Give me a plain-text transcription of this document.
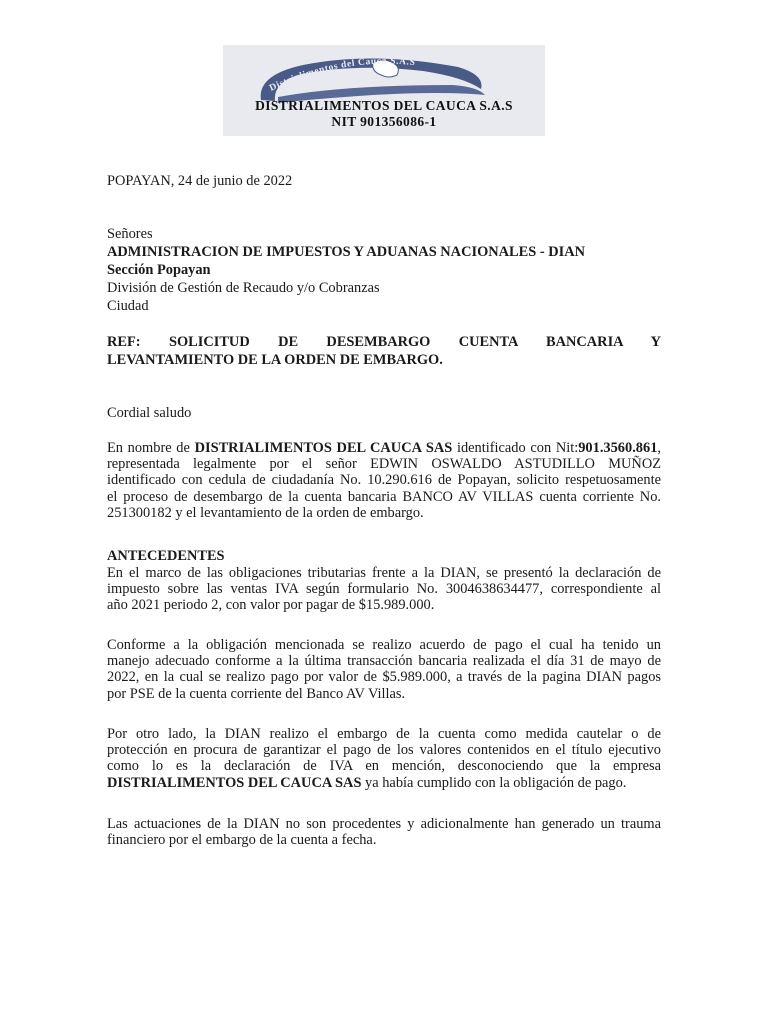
Distrialimentos del Cauca S.A.S
DISTRIALIMENTOS DEL CAUCA S.A.S
NIT 901356086-1
POPAYAN, 24 de junio de 2022
Señores
ADMINISTRACION DE IMPUESTOS Y ADUANAS NACIONALES - DIAN
Sección Popayan
División de Gestión de Recaudo y/o Cobranzas
Ciudad
REF: SOLICITUD DE DESEMBARGO CUENTA BANCARIA Y
LEVANTAMIENTO DE LA ORDEN DE EMBARGO.
Cordial saludo
En nombre de DISTRIALIMENTOS DEL CAUCA SAS identificado con Nit:901.3560.861,
representada legalmente por el señor EDWIN OSWALDO ASTUDILLO MUÑOZ
identificado con cedula de ciudadanía No. 10.290.616 de Popayan, solicito respetuosamente
el proceso de desembargo de la cuenta bancaria BANCO AV VILLAS cuenta corriente No.
251300182 y el levantamiento de la orden de embargo.
ANTECEDENTES
En el marco de las obligaciones tributarias frente a la DIAN, se presentó la declaración de
impuesto sobre las ventas IVA según formulario No. 3004638634477, correspondiente al
año 2021 periodo 2, con valor por pagar de $15.989.000.
Conforme a la obligación mencionada se realizo acuerdo de pago el cual ha tenido un
manejo adecuado conforme a la última transacción bancaria realizada el día 31 de mayo de
2022, en la cual se realizo pago por valor de $5.989.000, a través de la pagina DIAN pagos
por PSE de la cuenta corriente del Banco AV Villas.
Por otro lado, la DIAN realizo el embargo de la cuenta como medida cautelar o de
protección en procura de garantizar el pago de los valores contenidos en el título ejecutivo
como lo es la declaración de IVA en mención, desconociendo que la empresa
DISTRIALIMENTOS DEL CAUCA SAS ya había cumplido con la obligación de pago.
Las actuaciones de la DIAN no son procedentes y adicionalmente han generado un trauma
financiero por el embargo de la cuenta a fecha.
